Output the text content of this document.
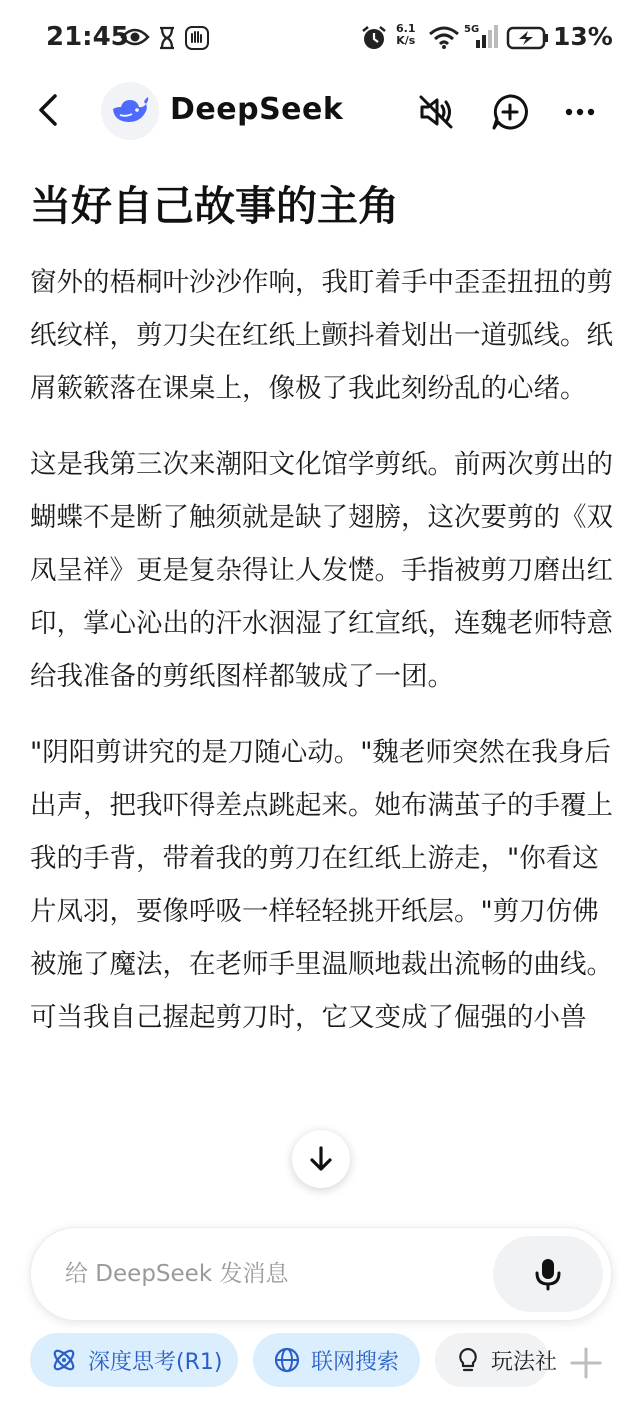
21:45	6.1
K/s
5G	13%
DeepSeek
当好自己故事的主角

窗外的梧桐叶沙沙作响，我盯着手中歪歪扭扭的剪纸纹样，剪刀尖在红纸上颤抖着划出一道弧线。纸屑簌簌落在课桌上，像极了我此刻纷乱的心绪。

这是我第三次来潮阳文化馆学剪纸。前两次剪出的蝴蝶不是断了触须就是缺了翅膀，这次要剪的《双凤呈祥》更是复杂得让人发憷。手指被剪刀磨出红印，掌心沁出的汗水洇湿了红宣纸，连魏老师特意给我准备的剪纸图样都皱成了一团。

"阴阳剪讲究的是刀随心动。"魏老师突然在我身后出声，把我吓得差点跳起来。她布满茧子的手覆上我的手背，带着我的剪刀在红纸上游走，"你看这片凤羽，要像呼吸一样轻轻挑开纸层。"剪刀仿佛被施了魔法，在老师手里温顺地裁出流畅的曲线。可当我自己握起剪刀时，它又变成了倔强的小兽

给 DeepSeek 发消息
深度思考(R1)	联网搜索	玩法社
